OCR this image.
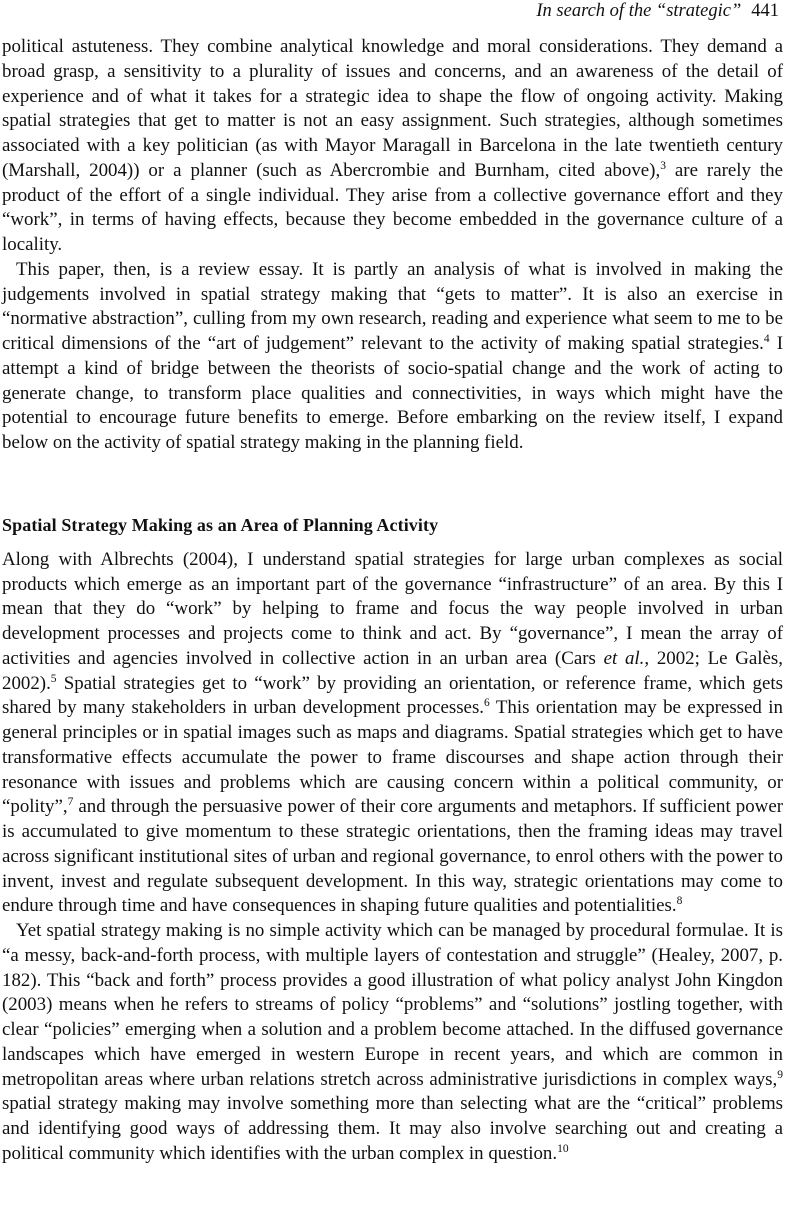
In search of the “strategic” 441

political astuteness. They combine analytical knowledge and moral considerations. They demand a broad grasp, a sensitivity to a plurality of issues and concerns, and an awareness of the detail of experience and of what it takes for a strategic idea to shape the flow of ongoing activity. Making spatial strategies that get to matter is not an easy assignment. Such strategies, although sometimes associated with a key politician (as with Mayor Maragall in Barcelona in the late twentieth century (Marshall, 2004)) or a planner (such as Abercrombie and Burnham, cited above),$^3$ are rarely the product of the effort of a single individual. They arise from a collective governance effort and they “work”, in terms of having effects, because they become embedded in the governance culture of a locality.

This paper, then, is a review essay. It is partly an analysis of what is involved in making the judgements involved in spatial strategy making that “gets to matter”. It is also an exercise in “normative abstraction”, culling from my own research, reading and experience what seem to me to be critical dimensions of the “art of judgement” relevant to the activity of making spatial strategies.$^4$ I attempt a kind of bridge between the theorists of socio-spatial change and the work of acting to generate change, to transform place qualities and connectivities, in ways which might have the potential to encourage future benefits to emerge. Before embarking on the review itself, I expand below on the activity of spatial strategy making in the planning field.

Spatial Strategy Making as an Area of Planning Activity

Along with Albrechts (2004), I understand spatial strategies for large urban complexes as social products which emerge as an important part of the governance “infrastructure” of an area. By this I mean that they do “work” by helping to frame and focus the way people involved in urban development processes and projects come to think and act. By “governance”, I mean the array of activities and agencies involved in collective action in an urban area (Cars et al., 2002; Le Galès, 2002).$^5$ Spatial strategies get to “work” by providing an orientation, or reference frame, which gets shared by many stakeholders in urban development processes.$^6$ This orientation may be expressed in general principles or in spatial images such as maps and diagrams. Spatial strategies which get to have transformative effects accumulate the power to frame discourses and shape action through their resonance with issues and problems which are causing concern within a political community, or “polity”,$^7$ and through the persuasive power of their core arguments and metaphors. If sufficient power is accumulated to give momentum to these strategic orientations, then the framing ideas may travel across significant institutional sites of urban and regional governance, to enrol others with the power to invent, invest and regulate subsequent development. In this way, strategic orientations may come to endure through time and have consequences in shaping future qualities and potentialities.$^8$

Yet spatial strategy making is no simple activity which can be managed by procedural formulae. It is “a messy, back-and-forth process, with multiple layers of contestation and struggle” (Healey, 2007, p. 182). This “back and forth” process provides a good illustration of what policy analyst John Kingdon (2003) means when he refers to streams of policy “problems” and “solutions” jostling together, with clear “policies” emerging when a solution and a problem become attached. In the diffused governance landscapes which have emerged in western Europe in recent years, and which are common in metropolitan areas where urban relations stretch across administrative jurisdictions in complex ways,$^9$ spatial strategy making may involve something more than selecting what are the “critical” problems and identifying good ways of addressing them. It may also involve searching out and creating a political community which identifies with the urban complex in question.$^{10}$
